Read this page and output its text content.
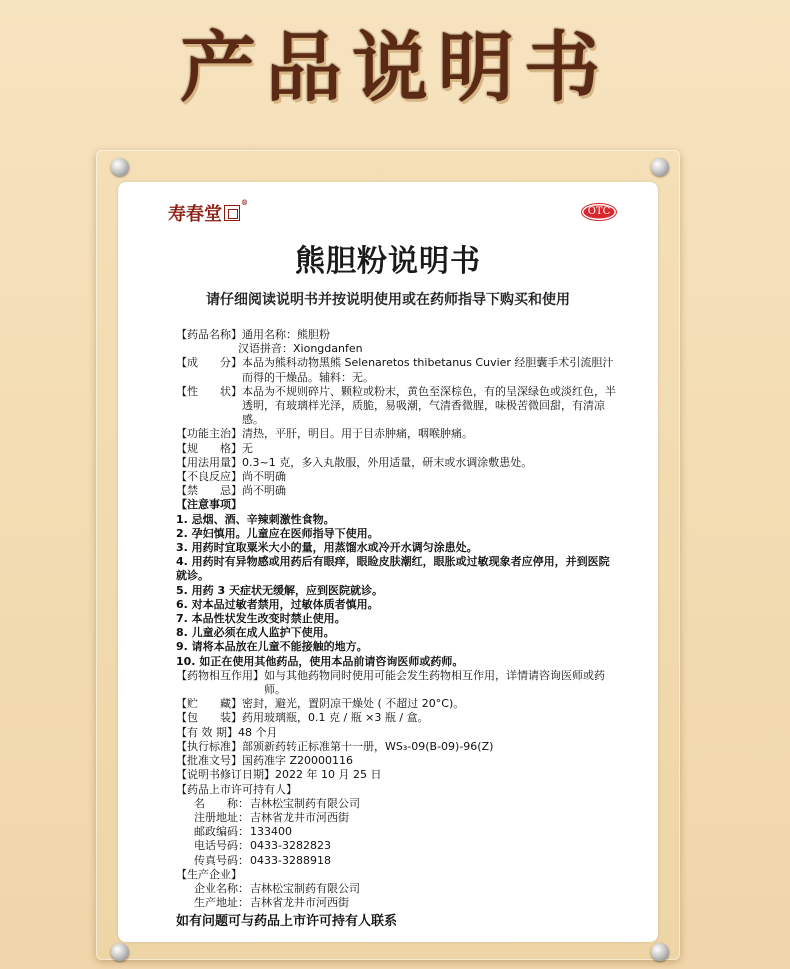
产品说明书
寿春堂
®
OTC
熊胆粉说明书
请仔细阅读说明书并按说明使用或在药师指导下购买和使用
【药品名称】 通用名称：熊胆粉
汉语拼音：Xiongdanfen
【成　　分】 本品为熊科动物黑熊 Selenaretos thibetanus Cuvier 经胆囊手术引流胆汁而得的干燥品。辅料：无。
【性　　状】 本品为不规则碎片、颗粒或粉末，黄色至深棕色，有的呈深绿色或淡红色，半透明，有玻璃样光泽，质脆，易吸潮，气清香微腥，味极苦微回甜，有清凉感。
【功能主治】 清热，平肝，明目。用于目赤肿痛，咽喉肿痛。
【规　　格】 无
【用法用量】 0.3~1 克，多入丸散服，外用适量，研末或水调涂敷患处。
【不良反应】 尚不明确
【禁　　忌】 尚不明确
【注意事项】
1. 忌烟、酒、辛辣刺激性食物。
2. 孕妇慎用。儿童应在医师指导下使用。
3. 用药时宜取粟米大小的量，用蒸馏水或冷开水调匀涂患处。
4. 用药时有异物感或用药后有眼痒，眼睑皮肤潮红，眼胀或过敏现象者应停用，并到医院就诊。
5. 用药 3 天症状无缓解，应到医院就诊。
6. 对本品过敏者禁用，过敏体质者慎用。
7. 本品性状发生改变时禁止使用。
8. 儿童必须在成人监护下使用。
9. 请将本品放在儿童不能接触的地方。
10. 如正在使用其他药品，使用本品前请咨询医师或药师。
【药物相互作用】 如与其他药物同时使用可能会发生药物相互作用，详情请咨询医师或药师。
【贮　　藏】 密封，避光，置阴凉干燥处 ( 不超过 20°C)。
【包　　装】 药用玻璃瓶，0.1 克 / 瓶 ×3 瓶 / 盒。
【有 效 期】 48 个月
【执行标准】 部颁新药转正标准第十一册，WS₃-09(B-09)-96(Z)
【批准文号】 国药准字 Z20000116
【说明书修订日期】 2022 年 10 月 25 日
【药品上市许可持有人】
名　　称： 吉林松宝制药有限公司
注册地址： 吉林省龙井市河西街
邮政编码： 133400
电话号码： 0433-3282823
传真号码： 0433-3288918
【生产企业】
企业名称： 吉林松宝制药有限公司
生产地址： 吉林省龙井市河西街
如有问题可与药品上市许可持有人联系
